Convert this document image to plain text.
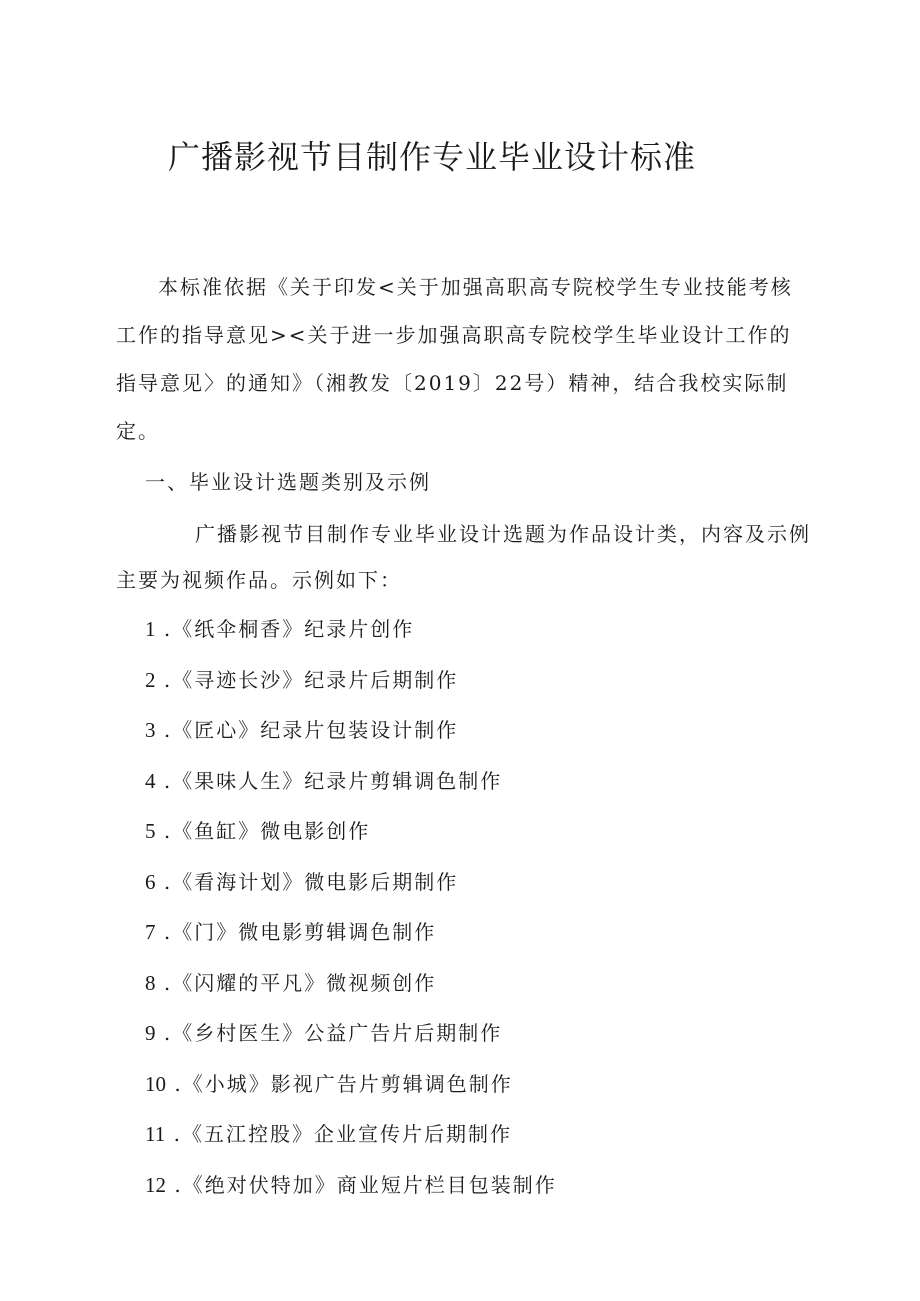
广播影视节目制作专业毕业设计标准
本标准依据《关于印发<关于加强高职高专院校学生专业技能考核工作的指导意见><关于进一步加强高职高专院校学生毕业设计工作的指导意见〉的通知》（湘教发〔2019〕22号）精神，结合我校实际制定。
一、毕业设计选题类别及示例
广播影视节目制作专业毕业设计选题为作品设计类，内容及示例主要为视频作品。示例如下：
1 .《纸伞桐香》纪录片创作
2 .《寻迹长沙》纪录片后期制作
3 .《匠心》纪录片包装设计制作
4 .《果味人生》纪录片剪辑调色制作
5 .《鱼缸》微电影创作
6 .《看海计划》微电影后期制作
7 .《门》微电影剪辑调色制作
8 .《闪耀的平凡》微视频创作
9 .《乡村医生》公益广告片后期制作
10 .《小城》影视广告片剪辑调色制作
11 .《五江控股》企业宣传片后期制作
12 .《绝对伏特加》商业短片栏目包装制作
